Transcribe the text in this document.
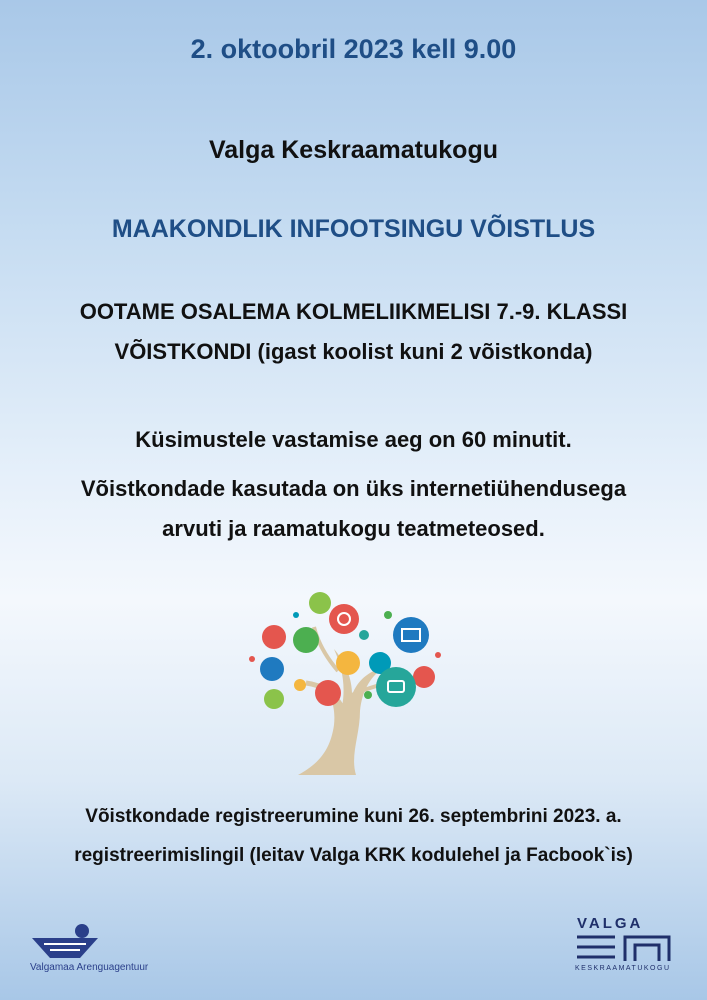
2. oktoobril 2023 kell 9.00

Valga Keskraamatukogu

MAAKONDLIK INFOOTSINGU VÕISTLUS

OOTAME OSALEMA KOLMELIIKMELISI 7.-9. KLASSI

VÕISTKONDI (igast koolist kuni 2 võistkonda)

Küsimustele vastamise aeg on 60 minutit.

Võistkondade kasutada on üks internetiühendusega

arvuti ja raamatukogu teatmeteosed.

Võistkondade registreerumine kuni 26. septembrini 2023. a.

registreerimislingil (leitav Valga KRK kodulehel ja Facbook`is)

Valgamaa Arenguagentuur
VALGA
KESKRAAMATUKOGU
